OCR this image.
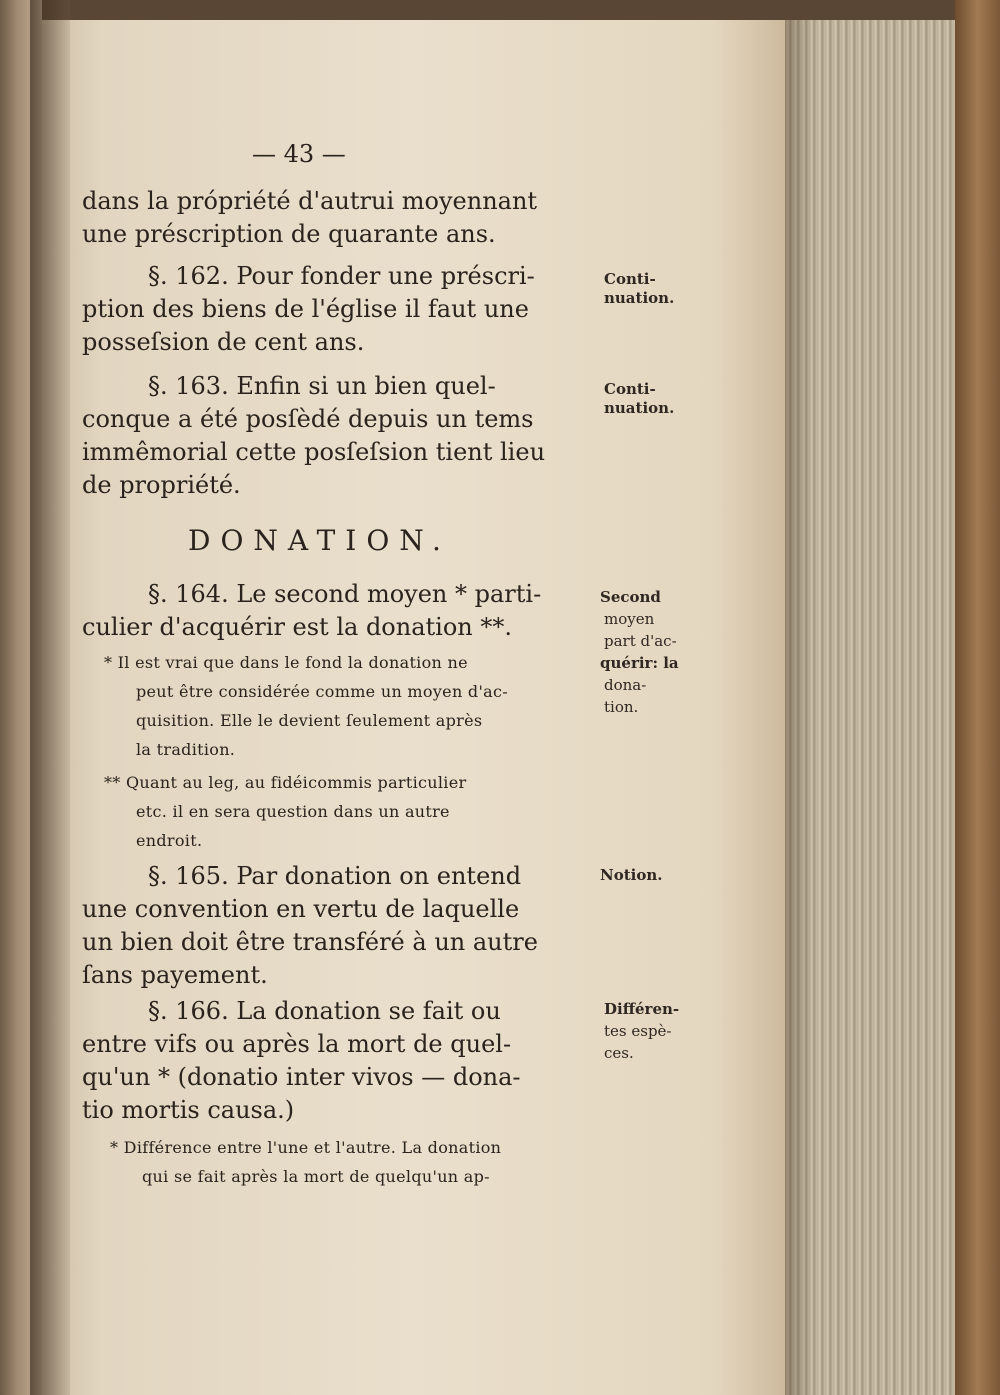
— 43 —
dans la própriété d'autrui moyennant
une préscription de quarante ans.
§. 162. Pour fonder une préscri-
ption des biens de l'église il faut une
posseſsion de cent ans.
§. 163. Enfin si un bien quel-
conque a été posſèdé depuis un tems
immêmorial cette posſeſsion tient lieu
de propriété.
DONATION.
§. 164. Le second moyen * parti-
culier d'acquérir est la donation **.
* Il est vrai que dans le fond la donation ne
peut être considérée comme un moyen d'ac-
quisition. Elle le devient ſeulement après
la tradition.
** Quant au leg, au fidéicommis particulier
etc. il en sera question dans un autre
endroit.
§. 165. Par donation on entend
une convention en vertu de laquelle
un bien doit être transféré à un autre
ſans payement.
§. 166. La donation se fait ou
entre vifs ou après la mort de quel-
qu'un * (donatio inter vivos — dona-
tio mortis causa.)
* Différence entre l'une et l'autre. La donation
qui se fait après la mort de quelqu'un ap-
Conti-
nuation.
Conti-
nuation.
Second
moyen
part d'ac-
quérir: la
dona-
tion.
Notion.
Différen-
tes espè-
ces.
